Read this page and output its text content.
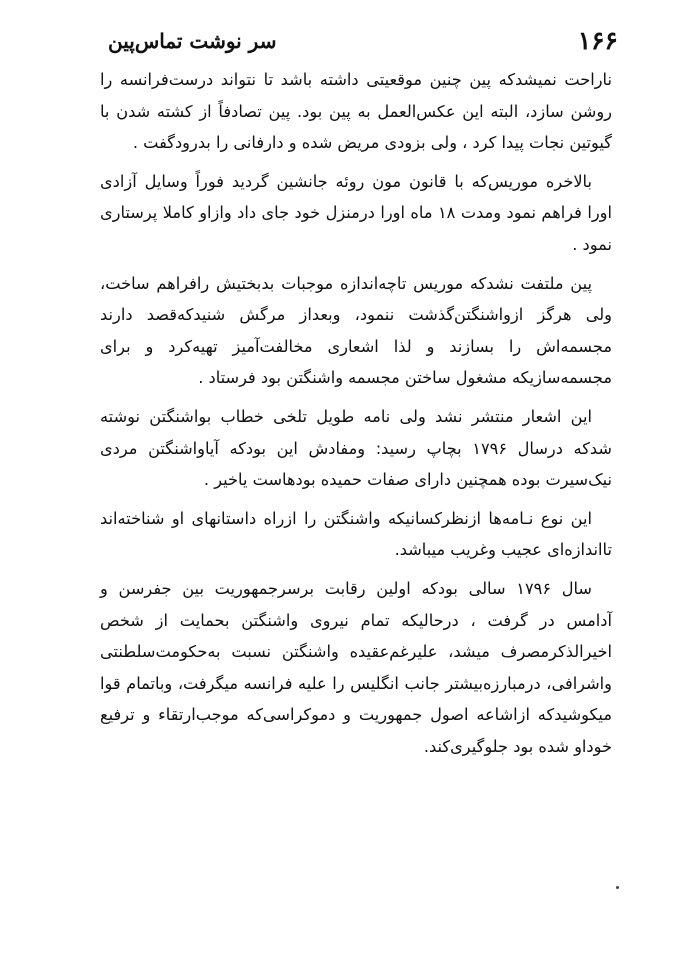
۱۶۶
سر نوشت تماس‌پین

ناراحت نمیشدکه پین چنین موقعیتی داشته باشد تا نتواند درست‌فرانسه را روشن سازد، البته این عکس‌العمل به پین بود. پین تصادفاً از کشته شدن با گیوتین نجات پیدا کرد ، ولی بزودی مریض شده و دارفانی را بدرودگفت .

بالاخره موریس‌که با قانون مون روئه جانشین گردید فوراً وسایل آزادی اورا فراهم نمود ومدت ۱۸ ماه اورا درمنزل خود جای داد وازاو کاملا پرستاری نمود .

پین ملتفت نشدکه موریس تاچه‌اندازه موجبات بدبختیش رافراهم ساخت، ولی هرگز ازواشنگتن‌گذشت ننمود، وبعداز مرگش شنیدکه‌قصد دارند مجسمه‌اش را بسازند و لذا اشعاری مخالفت‌آمیز تهیه‌کرد و برای مجسمه‌سازیکه مشغول ساختن مجسمه واشنگتن بود فرستاد .

این اشعار منتشر نشد ولی نامه طویل تلخی خطاب بواشنگتن نوشته شدکه درسال ۱۷۹۶ بچاپ رسید: ومفادش این بودکه آیاواشنگتن مردی نیک‌سیرت بوده همچنین دارای صفات حمیده بودهاست یاخیر .

این نوع نـامه‌ها ازنظرکسانیکه واشنگتن را ازراه داستانهای او شناخته‌اند تااندازه‌ای عجیب وغریب میباشد.

سال ۱۷۹۶ سالی بودکه اولین رقابت برسرجمهوریت بین جفرسن و آدامس در گرفت ، درحالیکه تمام نیروی واشنگتن بحمایت از شخص اخیرالذکرمصرف میشد، علیرغم‌عقیده واشنگتن نسبت به‌حکومت‌سلطنتی واشرافی، درمبارزه‌بیشتر جانب انگلیس را علیه فرانسه میگرفت، وباتمام قوا میکوشیدکه ازاشاعه اصول جمهوریت و دموکراسی‌که موجب‌ارتقاء و ترفیع خوداو شده بود جلوگیری‌کند.
